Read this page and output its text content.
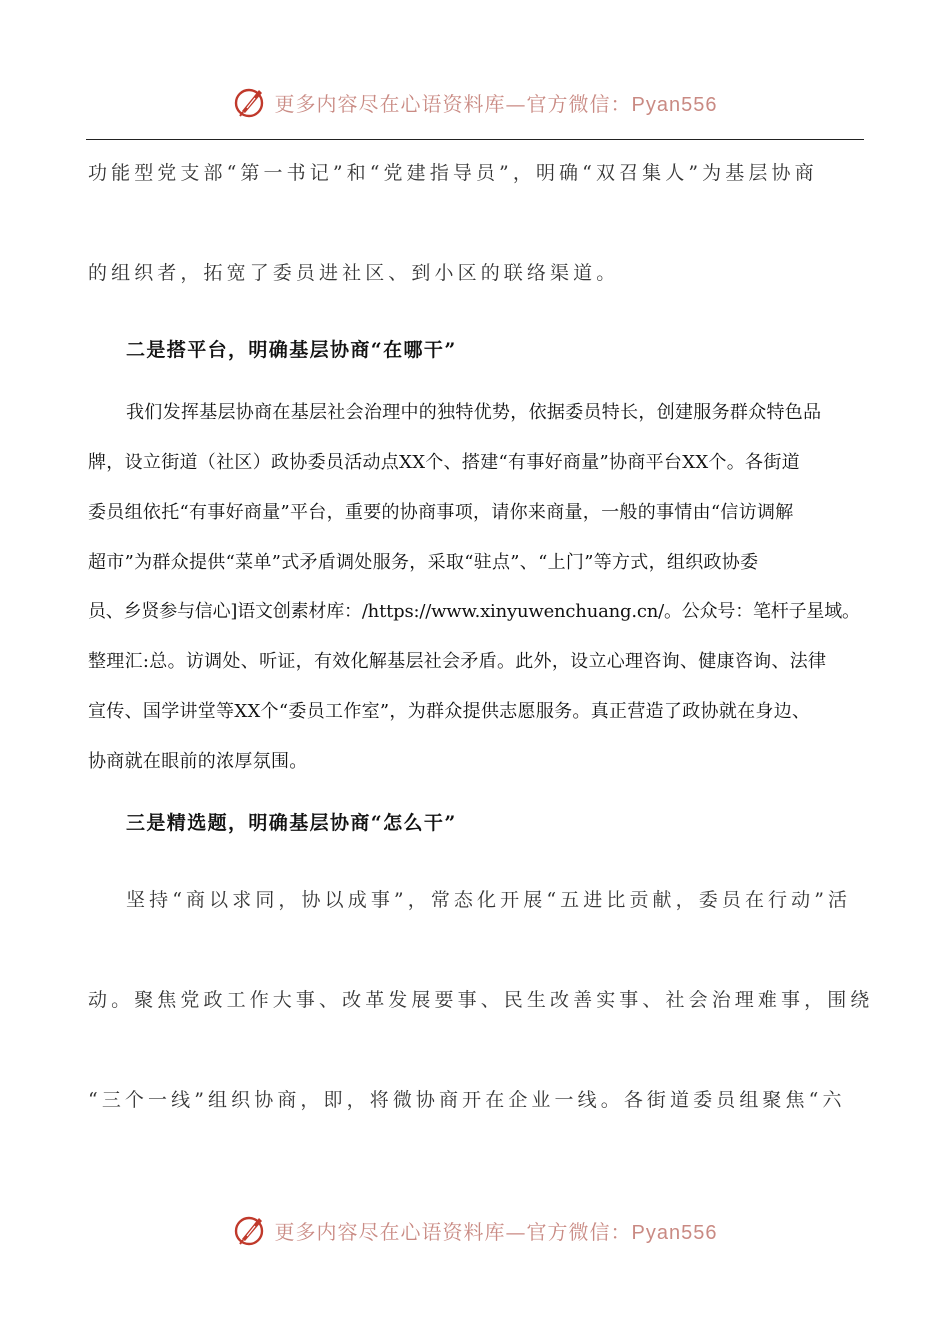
更多内容尽在心语资料库—官方微信：Pyan556
功能型党支部“第一书记”和“党建指导员”，明确“双召集人”为基层协商
的组织者，拓宽了委员进社区、到小区的联络渠道。
二是搭平台，明确基层协商“在哪干”
我们发挥基层协商在基层社会治理中的独特优势，依据委员特长，创建服务群众特色品
牌，设立街道（社区）政协委员活动点XX个、搭建“有事好商量”协商平台XX个。各街道
委员组依托“有事好商量”平台，重要的协商事项，请你来商量，一般的事情由“信访调解
超市”为群众提供“菜单”式矛盾调处服务，采取“驻点”、“上门”等方式，组织政协委
员、乡贤参与信心]语文创素材库：/https://www.xinyuwenchuang.cn/。公众号：笔杆子星域。
整理汇:总。访调处、听证，有效化解基层社会矛盾。此外，设立心理咨询、健康咨询、法律
宣传、国学讲堂等XX个“委员工作室”，为群众提供志愿服务。真正营造了政协就在身边、
协商就在眼前的浓厚氛围。
三是精选题，明确基层协商“怎么干”
坚持“商以求同，协以成事”，常态化开展“五进比贡献，委员在行动”活
动。聚焦党政工作大事、改革发展要事、民生改善实事、社会治理难事，围绕
“三个一线”组织协商，即，将微协商开在企业一线。各街道委员组聚焦“六
更多内容尽在心语资料库—官方微信：Pyan556
